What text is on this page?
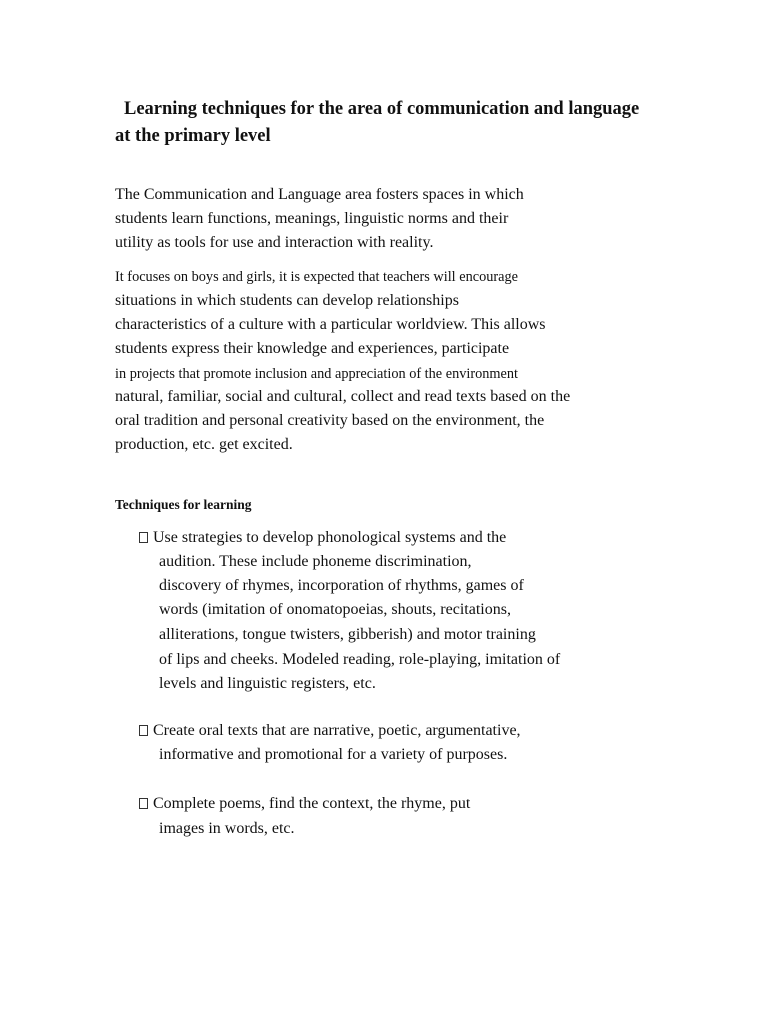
Learning techniques for the area of communication and language
at the primary level
The Communication and Language area fosters spaces in which
students learn functions, meanings, linguistic norms and their
utility as tools for use and interaction with reality.
It focuses on boys and girls, it is expected that teachers will encourage
situations in which students can develop relationships
characteristics of a culture with a particular worldview. This allows
students express their knowledge and experiences, participate
in projects that promote inclusion and appreciation of the environment
natural, familiar, social and cultural, collect and read texts based on the
oral tradition and personal creativity based on the environment, the
production, etc. get excited.
Techniques for learning
Use strategies to develop phonological systems and the
audition. These include phoneme discrimination,
discovery of rhymes, incorporation of rhythms, games of
words (imitation of onomatopoeias, shouts, recitations,
alliterations, tongue twisters, gibberish) and motor training
of lips and cheeks. Modeled reading, role-playing, imitation of
levels and linguistic registers, etc.
Create oral texts that are narrative, poetic, argumentative,
informative and promotional for a variety of purposes.
Complete poems, find the context, the rhyme, put
images in words, etc.
